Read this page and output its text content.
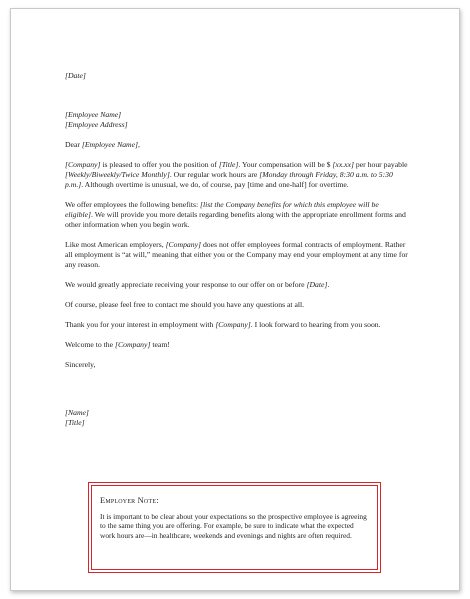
[Date]

[Employee Name]
[Employee Address]

Dear [Employee Name],

[Company] is pleased to offer you the position of [Title]. Your compensation will be $ [xx.xx] per hour payable [Weekly/Biweekly/Twice Monthly]. Our regular work hours are [Monday through Friday, 8:30 a.m. to 5:30 p.m.]. Although overtime is unusual, we do, of course, pay [time and one-half] for overtime.

We offer employees the following benefits: [list the Company benefits for which this employee will be eligible]. We will provide you more details regarding benefits along with the appropriate enrollment forms and other information when you begin work.

Like most American employers, [Company] does not offer employees formal contracts of employment. Rather all employment is “at will,” meaning that either you or the Company may end your employment at any time for any reason.

We would greatly appreciate receiving your response to our offer on or before [Date].

Of course, please feel free to contact me should you have any questions at all.

Thank you for your interest in employment with [Company]. I look forward to hearing from you soon.

Welcome to the [Company] team!

Sincerely,

[Name]
[Title]

Employer Note:

It is important to be clear about your expectations so the prospective employee is agreeing to the same thing you are offering. For example, be sure to indicate what the expected work hours are—in healthcare, weekends and evenings and nights are often required.
